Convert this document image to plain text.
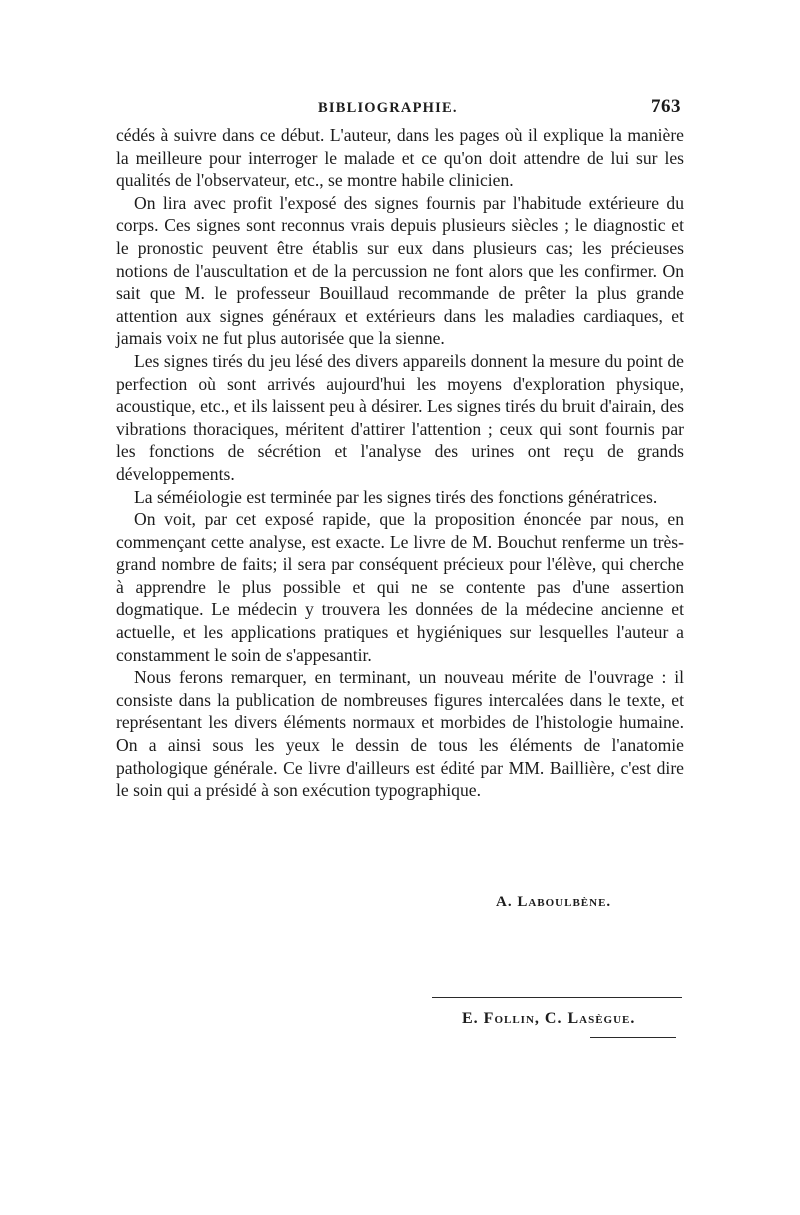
BIBLIOGRAPHIE.	763

cédés à suivre dans ce début. L'auteur, dans les pages où il explique la manière la meilleure pour interroger le malade et ce qu'on doit attendre de lui sur les qualités de l'observateur, etc., se montre habile clinicien.

On lira avec profit l'exposé des signes fournis par l'habitude extérieure du corps. Ces signes sont reconnus vrais depuis plusieurs siècles ; le diagnostic et le pronostic peuvent être établis sur eux dans plusieurs cas; les précieuses notions de l'auscultation et de la percussion ne font alors que les confirmer. On sait que M. le professeur Bouillaud recommande de prêter la plus grande attention aux signes généraux et extérieurs dans les maladies cardiaques, et jamais voix ne fut plus autorisée que la sienne.

Les signes tirés du jeu lésé des divers appareils donnent la mesure du point de perfection où sont arrivés aujourd'hui les moyens d'exploration physique, acoustique, etc., et ils laissent peu à désirer. Les signes tirés du bruit d'airain, des vibrations thoraciques, méritent d'attirer l'attention ; ceux qui sont fournis par les fonctions de sécrétion et l'analyse des urines ont reçu de grands développements.

La séméiologie est terminée par les signes tirés des fonctions génératrices.

On voit, par cet exposé rapide, que la proposition énoncée par nous, en commençant cette analyse, est exacte. Le livre de M. Bouchut renferme un très-grand nombre de faits; il sera par conséquent précieux pour l'élève, qui cherche à apprendre le plus possible et qui ne se contente pas d'une assertion dogmatique. Le médecin y trouvera les données de la médecine ancienne et actuelle, et les applications pratiques et hygiéniques sur lesquelles l'auteur a constamment le soin de s'appesantir.

Nous ferons remarquer, en terminant, un nouveau mérite de l'ouvrage : il consiste dans la publication de nombreuses figures intercalées dans le texte, et représentant les divers éléments normaux et morbides de l'histologie humaine. On a ainsi sous les yeux le dessin de tous les éléments de l'anatomie pathologique générale. Ce livre d'ailleurs est édité par MM. Baillière, c'est dire le soin qui a présidé à son exécution typographique.

A. Laboulbène.
E. Follin, C. Lasègue.
